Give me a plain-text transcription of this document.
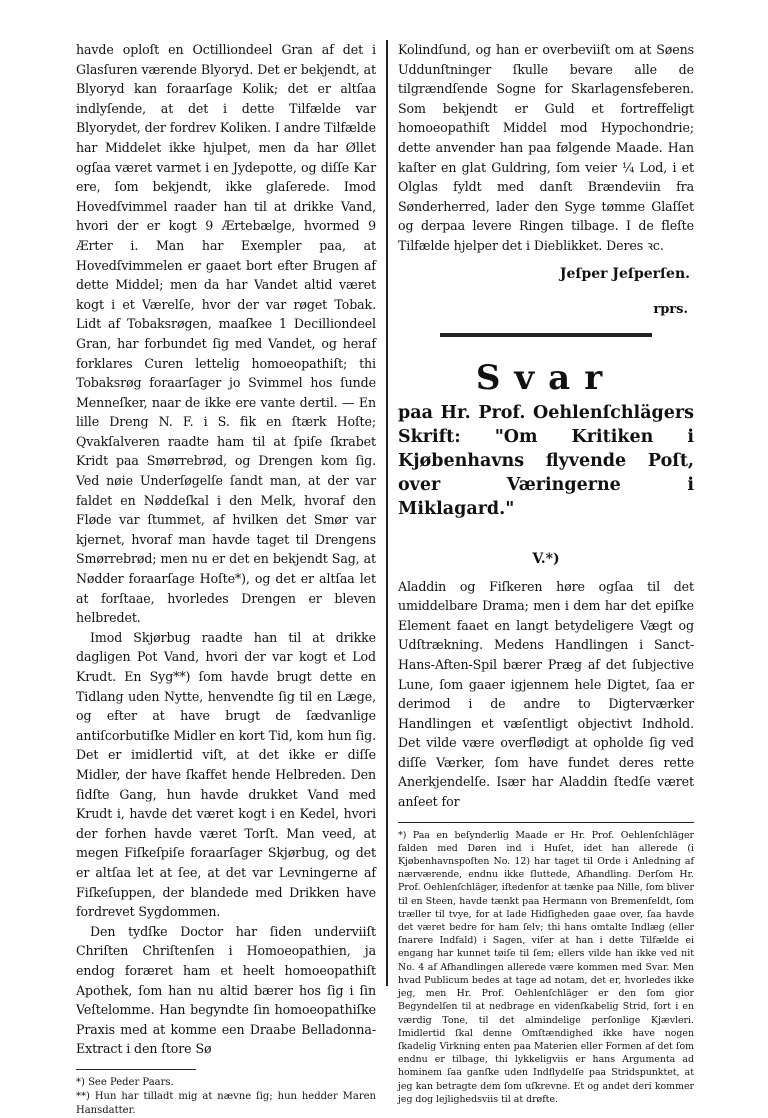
havde oploſt en Octilliondeel Gran af det i Glasſuren værende Blyoryd. Det er bekjendt, at Blyoryd kan foraarſage Kolik; det er altſaa indlyſende, at det i dette Tilfælde var Blyorydet, der fordrev Koliken. I andre Tilfælde har Middelet ikke hjulpet, men da har Øllet ogſaa været varmet i en Jydepotte, og diſſe Kar ere, ſom bekjendt, ikke glaſerede. Imod Hovedſvimmel raader han til at drikke Vand, hvori der er kogt 9 Ærtebælge, hvormed 9 Ærter i. Man har Exempler paa, at Hovedſvimmelen er gaaet bort efter Brugen af dette Middel; men da har Vandet altid været kogt i et Værelſe, hvor der var røget Tobak. Lidt af Tobaksrøgen, maaſkee 1 Decilliondeel Gran, har forbundet ſig med Vandet, og heraf forklares Curen lettelig homoeopathiſt; thi Tobaksrøg foraarſager jo Svimmel hos ſunde Menneſker, naar de ikke ere vante dertil. — En lille Dreng N. F. i S. fik en ſtærk Hoſte; Qvakſalveren raadte ham til at ſpiſe ſkrabet Kridt paa Smørrebrød, og Drengen kom ſig. Ved nøie Underſøgelſe ſandt man, at der var faldet en Nøddeſkal i den Melk, hvoraf den Fløde var ſtummet, af hvilken det Smør var kjernet, hvoraf man havde taget til Drengens Smørrebrød; men nu er det en bekjendt Sag, at Nødder foraarſage Hoſte*), og det er altſaa let at forſtaae, hvorledes Drengen er bleven helbredet.

Imod Skjørbug raadte han til at drikke dagligen Pot Vand, hvori der var kogt et Lod Krudt. En Syg**) ſom havde brugt dette en Tidlang uden Nytte, henvendte ſig til en Læge, og efter at have brugt de ſædvanlige antiſcorbutiſke Midler en kort Tid, kom hun ſig. Det er imidlertid viſt, at det ikke er diſſe Midler, der have ſkaffet hende Helbreden. Den ſidſte Gang, hun havde drukket Vand med Krudt i, havde det været kogt i en Kedel, hvori der forhen havde været Torſt. Man veed, at megen Fiſkeſpiſe foraarſager Skjørbug, og det er altſaa let at ſee, at det var Levningerne af Fiſkeſuppen, der blandede med Drikken have fordrevet Sygdommen.

Den tydſke Doctor har ſiden underviiſt Chriſten Chriſtenſen i Homoeopathien, ja endog foræret ham et heelt homoeopathiſt Apothek, ſom han nu altid bærer hos ſig i ſin Veſtelomme. Han begyndte ſin homoeopathiſke Praxis med at komme een Draabe Belladonna-Extract i den ſtore Sø

*) See Peder Paars.

**) Hun har tilladt mig at nævne ſig; hun hedder Maren Hansdatter.

Kolindſund, og han er overbeviiſt om at Søens Uddunſtninger ſkulle bevare alle de tilgrændſende Sogne for Skarlagensfeberen. Som bekjendt er Guld et fortreffeligt homoeopathiſt Middel mod Hypochondrie; dette anvender han paa følgende Maade. Han kaſter en glat Guldring, ſom veier ¼ Lod, i et Olglas fyldt med danſt Brændeviin fra Sønderherred, lader den Syge tømme Glaſſet og derpaa levere Ringen tilbage. I de fleſte Tilfælde hjelper det i Dieblikket. Deres ꝛc.

Jeſper Jeſperſen.

rprs.

Svar

paa Hr. Prof. Oehlenſchlägers Skrift: "Om Kritiken i Kjøbenhavns flyvende Poſt, over Væringerne i Miklagard."

V.*)

Aladdin og Fiſkeren høre ogſaa til det umiddelbare Drama; men i dem har det epiſke Element faaet en langt betydeligere Vægt og Udſtrækning. Medens Handlingen i Sanct-Hans-Aften-Spil bærer Præg af det ſubjective Lune, ſom gaaer igjennem hele Digtet, ſaa er derimod i de andre to Digterværker Handlingen et væſentligt objectivt Indhold. Det vilde være overflødigt at opholde ſig ved diſſe Værker, ſom have fundet deres rette Anerkjendelſe. Især har Aladdin ſtedſe været anſeet for

*) Paa en beſynderlig Maade er Hr. Prof. Oehlenſchläger falden med Døren ind i Huſet, idet han allerede (i Kjøbenhavnspoſten No. 12) har taget til Orde i Anledning af nærværende, endnu ikke ſluttede, Afhandling. Derſom Hr. Prof. Oehlenſchläger, iſtedenfor at tænke paa Nille, ſom bliver til en Steen, havde tænkt paa Hermann von Bremenfeldt, ſom træller til tvye, for at lade Hidſigheden gaae over, ſaa havde det været bedre for ham ſelv; thi hans omtalte Indlæg (eller ſnarere Indfald) i Sagen, viſer at han i dette Tilfælde ei engang har kunnet tøiſe til ſem; ellers vilde han ikke ved nit No. 4 af Afhandlingen allerede være kommen med Svar. Men hvad Publicum bedes at tage ad notam, det er, hvorledes ikke jeg, men Hr. Prof. Oehlenſchläger er den ſom gior Begyndelſen til at nedbrage en videnſkabelig Strid, ſort i en værdig Tone, til det almindelige perſonlige Kjævleri. Imidlertid ſkal denne Omſtændighed ikke have nogen ſkadelig Virkning enten paa Materien eller Formen af det ſom endnu er tilbage, thi lykkeligviis er hans Argumenta ad hominem ſaa ganſke uden Indflydelſe paa Stridspunktet, at jeg kan betragte dem ſom uſkrevne. Et og andet deri kommer jeg dog lejlighedsviis til at drøfte.
